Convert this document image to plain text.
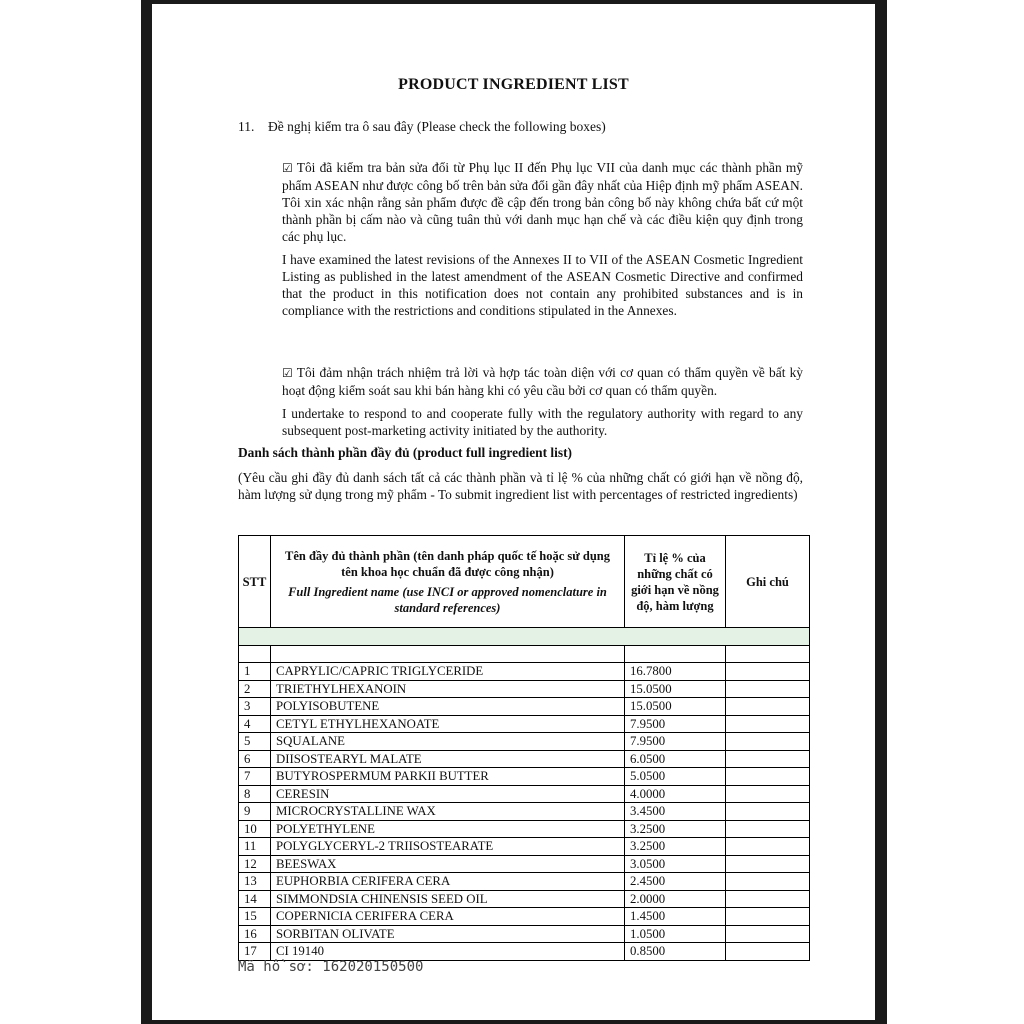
PRODUCT INGREDIENT LIST
11. Đề nghị kiểm tra ô sau đây (Please check the following boxes)
☑ Tôi đã kiểm tra bản sửa đổi từ Phụ lục II đến Phụ lục VII của danh mục các thành phần mỹ phẩm ASEAN như được công bố trên bản sửa đổi gần đây nhất của Hiệp định mỹ phẩm ASEAN. Tôi xin xác nhận rằng sản phẩm được đề cập đến trong bản công bố này không chứa bất cứ một thành phần bị cấm nào và cũng tuân thủ với danh mục hạn chế và các điều kiện quy định trong các phụ lục.
I have examined the latest revisions of the Annexes II to VII of the ASEAN Cosmetic Ingredient Listing as published in the latest amendment of the ASEAN Cosmetic Directive and confirmed that the product in this notification does not contain any prohibited substances and is in compliance with the restrictions and conditions stipulated in the Annexes.
☑ Tôi đảm nhận trách nhiệm trả lời và hợp tác toàn diện với cơ quan có thẩm quyền về bất kỳ hoạt động kiểm soát sau khi bán hàng khi có yêu cầu bởi cơ quan có thẩm quyền.
I undertake to respond to and cooperate fully with the regulatory authority with regard to any subsequent post-marketing activity initiated by the authority.
Danh sách thành phần đầy đủ (product full ingredient list)
(Yêu cầu ghi đầy đủ danh sách tất cả các thành phần và tỉ lệ % của những chất có giới hạn về nồng độ, hàm lượng sử dụng trong mỹ phẩm - To submit ingredient list with percentages of restricted ingredients)
STT	Tên đầy đủ thành phần (tên danh pháp quốc tế hoặc sử dụng tên khoa học chuẩn đã được công nhận)
Full Ingredient name (use INCI or approved nomenclature in standard references)	Tỉ lệ % của những chất có giới hạn về nồng độ, hàm lượng	Ghi chú

1	CAPRYLIC/CAPRIC TRIGLYCERIDE	16.7800	
2	TRIETHYLHEXANOIN	15.0500	
3	POLYISOBUTENE	15.0500	
4	CETYL ETHYLHEXANOATE	7.9500	
5	SQUALANE	7.9500	
6	DIISOSTEARYL MALATE	6.0500	
7	BUTYROSPERMUM PARKII BUTTER	5.0500	
8	CERESIN	4.0000	
9	MICROCRYSTALLINE WAX	3.4500	
10	POLYETHYLENE	3.2500	
11	POLYGLYCERYL-2 TRIISOSTEARATE	3.2500	
12	BEESWAX	3.0500	
13	EUPHORBIA CERIFERA CERA	2.4500	
14	SIMMONDSIA CHINENSIS SEED OIL	2.0000	
15	COPERNICIA CERIFERA CERA	1.4500	
16	SORBITAN OLIVATE	1.0500	
17	CI 19140	0.8500	
Mã hồ sơ: 162020150500
